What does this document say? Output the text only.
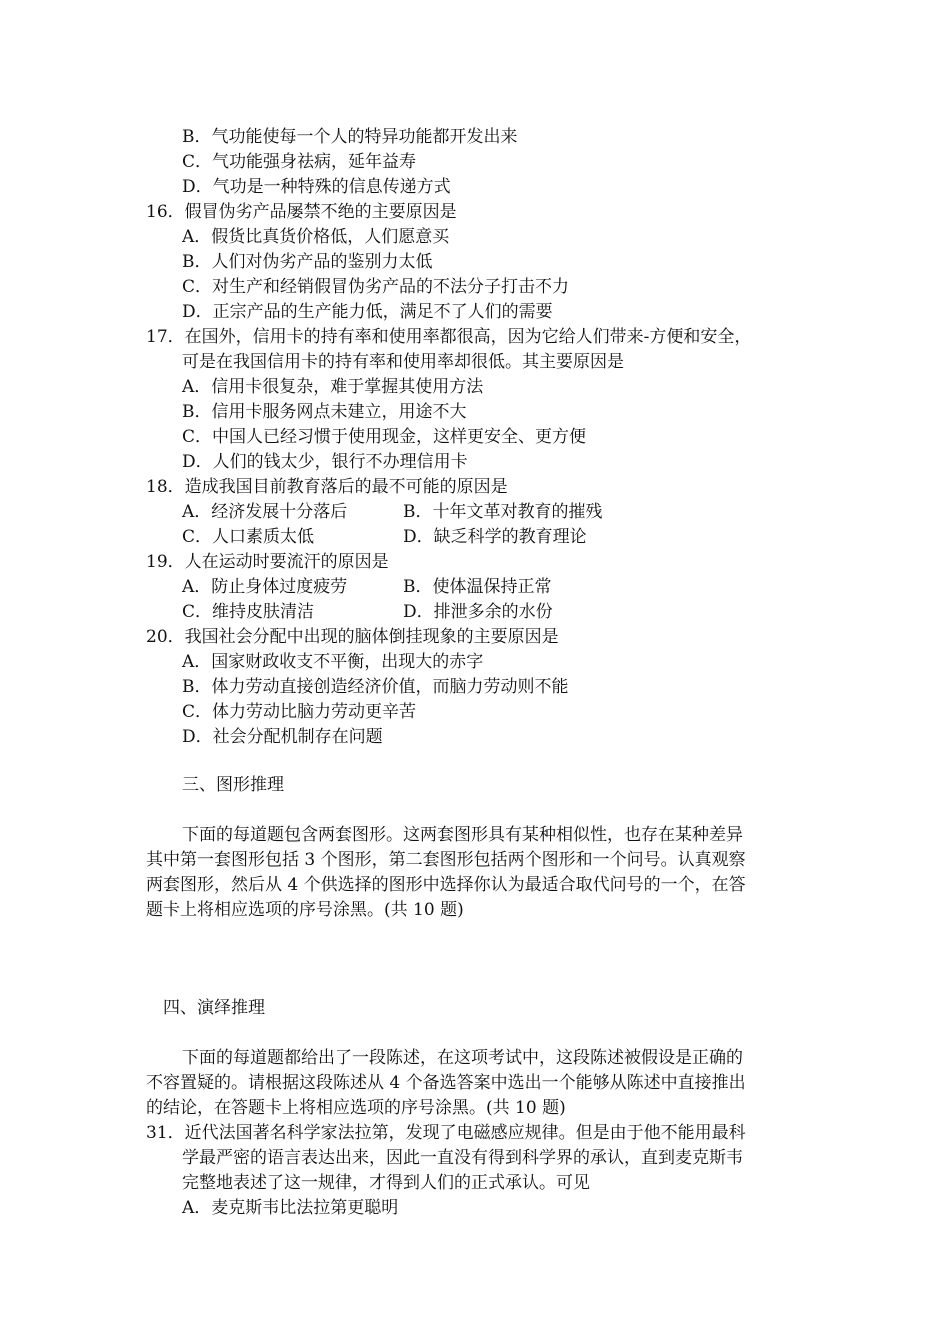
B．气功能使每一个人的特异功能都开发出来
C．气功能强身祛病，延年益寿
D．气功是一种特殊的信息传递方式
16．假冒伪劣产品屡禁不绝的主要原因是
A．假货比真货价格低，人们愿意买
B．人们对伪劣产品的鉴别力太低
C．对生产和经销假冒伪劣产品的不法分子打击不力
D．正宗产品的生产能力低，满足不了人们的需要
17．在国外，信用卡的持有率和使用率都很高，因为它给人们带来-方便和安全，
可是在我国信用卡的持有率和使用率却很低。其主要原因是
A．信用卡很复杂，难于掌握其使用方法
B．信用卡服务网点未建立，用途不大
C．中国人已经习惯于使用现金，这样更安全、更方便
D．人们的钱太少，银行不办理信用卡
18．造成我国目前教育落后的最不可能的原因是
A．经济发展十分落后	B．十年文革对教育的摧残
C．人口素质太低	D．缺乏科学的教育理论
19．人在运动时要流汗的原因是
A．防止身体过度疲劳	B．使体温保持正常
C．维持皮肤清洁	D．排泄多余的水份
20．我国社会分配中出现的脑体倒挂现象的主要原因是
A．国家财政收支不平衡，出现大的赤字
B．体力劳动直接创造经济价值，而脑力劳动则不能
C．体力劳动比脑力劳动更辛苦
D．社会分配机制存在问题
三、图形推理
下面的每道题包含两套图形。这两套图形具有某种相似性，也存在某种差异
其中第一套图形包括 3 个图形，第二套图形包括两个图形和一个问号。认真观察
两套图形，然后从 4 个供选择的图形中选择你认为最适合取代问号的一个，在答
题卡上将相应选项的序号涂黑。(共 10 题)
四、演绎推理
下面的每道题都给出了一段陈述，在这项考试中，这段陈述被假设是正确的
不容置疑的。请根据这段陈述从 4 个备选答案中选出一个能够从陈述中直接推出
的结论，在答题卡上将相应选项的序号涂黑。(共 10 题)
31．近代法国著名科学家法拉第，发现了电磁感应规律。但是由于他不能用最科
学最严密的语言表达出来，因此一直没有得到科学界的承认，直到麦克斯韦
完整地表述了这一规律，才得到人们的正式承认。可见
A．麦克斯韦比法拉第更聪明
